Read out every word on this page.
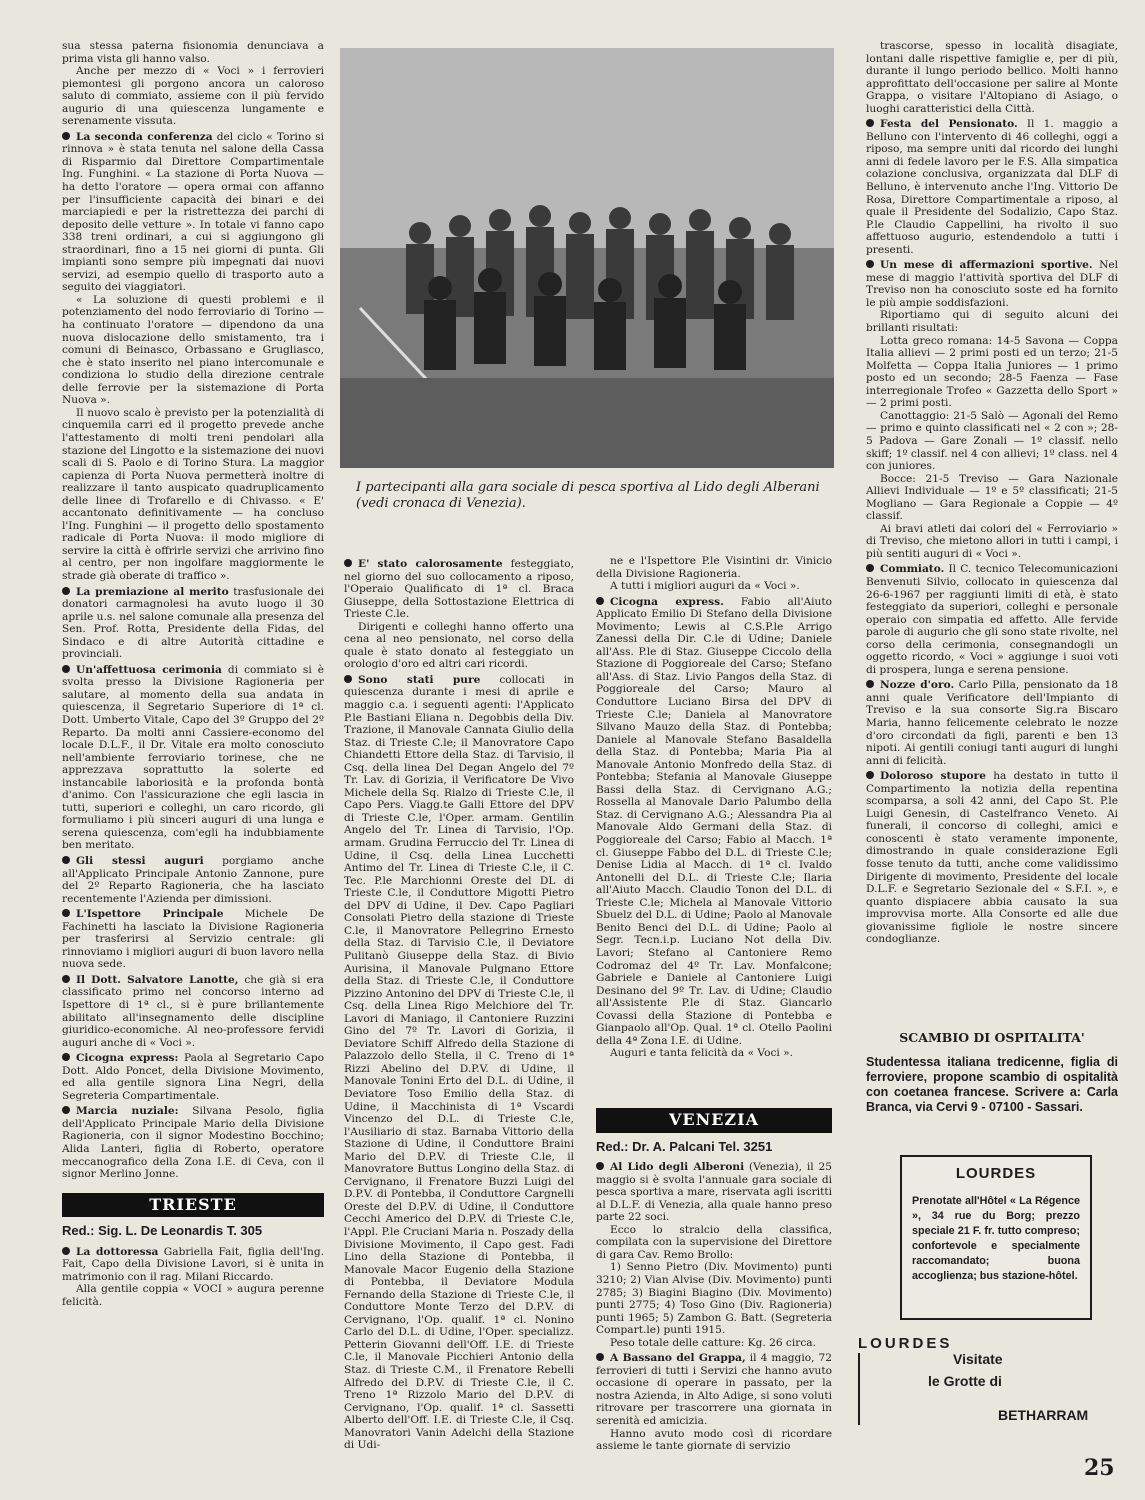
sua stessa paterna fisionomia denunciava a prima vista gli hanno valso.

Anche per mezzo di « Voci » i ferrovieri piemontesi gli porgono ancora un caloroso saluto di commiato, assieme con il più fervido augurio di una quiescenza lungamente e serenamente vissuta.

La seconda conferenza del ciclo « Torino si rinnova » è stata tenuta nel salone della Cassa di Risparmio dal Direttore Compartimentale Ing. Funghini. « La stazione di Porta Nuova — ha detto l'oratore — opera ormai con affanno per l'insufficiente capacità dei binari e dei marciapiedi e per la ristrettezza dei parchi di deposito delle vetture ». In totale vi fanno capo 338 treni ordinari, a cui si aggiungono gli straordinari, fino a 15 nei giorni di punta. Gli impianti sono sempre più impegnati dai nuovi servizi, ad esempio quello di trasporto auto a seguito dei viaggiatori.

« La soluzione di questi problemi e il potenziamento del nodo ferroviario di Torino — ha continuato l'oratore — dipendono da una nuova dislocazione dello smistamento, tra i comuni di Beinasco, Orbassano e Grugliasco, che è stato inserito nel piano intercomunale e condiziona lo studio della direzione centrale delle ferrovie per la sistemazione di Porta Nuova ».

Il nuovo scalo è previsto per la potenzialità di cinquemila carri ed il progetto prevede anche l'attestamento di molti treni pendolari alla stazione del Lingotto e la sistemazione dei nuovi scali di S. Paolo e di Torino Stura. La maggior capienza di Porta Nuova permetterà inoltre di realizzare il tanto auspicato quadruplicamento delle linee di Trofarello e di Chivasso. « E' accantonato definitivamente — ha concluso l'Ing. Funghini — il progetto dello spostamento radicale di Porta Nuova: il modo migliore di servire la città è offrirle servizi che arrivino fino al centro, per non ingolfare maggiormente le strade già oberate di traffico ».

La premiazione al merito trasfusionale dei donatori carmagnolesi ha avuto luogo il 30 aprile u.s. nel salone comunale alla presenza del Sen. Prof. Rotta, Presidente della Fidas, del Sindaco e di altre Autorità cittadine e provinciali.

Un'affettuosa cerimonia di commiato si è svolta presso la Divisione Ragioneria per salutare, al momento della sua andata in quiescenza, il Segretario Superiore di 1ª cl. Dott. Umberto Vitale, Capo del 3º Gruppo del 2º Reparto. Da molti anni Cassiere-economo del locale D.L.F., il Dr. Vitale era molto conosciuto nell'ambiente ferroviario torinese, che ne apprezzava soprattutto la solerte ed instancabile laboriosità e la profonda bontà d'animo. Con l'assicurazione che egli lascia in tutti, superiori e colleghi, un caro ricordo, gli formuliamo i più sinceri auguri di una lunga e serena quiescenza, com'egli ha indubbiamente ben meritato.

Gli stessi auguri porgiamo anche all'Applicato Principale Antonio Zannone, pure del 2º Reparto Ragioneria, che ha lasciato recentemente l'Azienda per dimissioni.

L'Ispettore Principale Michele De Fachinetti ha lasciato la Divisione Ragioneria per trasferirsi al Servizio centrale: gli rinnoviamo i migliori auguri di buon lavoro nella nuova sede.

Il Dott. Salvatore Lanotte, che già si era classificato primo nel concorso interno ad Ispettore di 1ª cl., si è pure brillantemente abilitato all'insegnamento delle discipline giuridico-economiche. Al neo-professore fervidi auguri anche di « Voci ».

Cicogna express: Paola al Segretario Capo Dott. Aldo Poncet, della Divisione Movimento, ed alla gentile signora Lina Negri, della Segreteria Compartimentale.

Marcia nuziale: Silvana Pesolo, figlia dell'Applicato Principale Mario della Divisione Ragioneria, con il signor Modestino Bocchino; Alida Lanteri, figlia di Roberto, operatore meccanografico della Zona I.E. di Ceva, con il signor Merlino Jonne.

TRIESTE

Red.: Sig. L. De Leonardis T. 305

La dottoressa Gabriella Fait, figlia dell'Ing. Fait, Capo della Divisione Lavori, si è unita in matrimonio con il rag. Milani Riccardo.

Alla gentile coppia « VOCI » augura perenne felicità.

I partecipanti alla gara sociale di pesca sportiva al Lido degli Alberani (vedi cronaca di Venezia).

E' stato calorosamente festeggiato, nel giorno del suo collocamento a riposo, l'Operaio Qualificato di 1ª cl. Braca Giuseppe, della Sottostazione Elettrica di Trieste C.le.

Dirigenti e colleghi hanno offerto una cena al neo pensionato, nel corso della quale è stato donato al festeggiato un orologio d'oro ed altri cari ricordi.

Sono stati pure collocati in quiescenza durante i mesi di aprile e maggio c.a. i seguenti agenti: l'Applicato P.le Bastiani Eliana n. Degobbis della Div. Trazione, il Manovale Cannata Giulio della Staz. di Trieste C.le; il Manovratore Capo Chiandetti Ettore della Staz. di Tarvisio, il Csq. della linea Del Degan Angelo del 7º Tr. Lav. di Gorizia, il Verificatore De Vivo Michele della Sq. Rialzo di Trieste C.le, il Capo Pers. Viagg.te Galli Ettore del DPV di Trieste C.le, l'Oper. armam. Gentilin Angelo del Tr. Linea di Tarvisio, l'Op. armam. Grudina Ferruccio del Tr. Linea di Udine, il Csq. della Linea Lucchetti Antimo del Tr. Linea di Trieste C.le, il C. Tec. P.le Marchionni Oreste del DL di Trieste C.le, il Conduttore Migotti Pietro del DPV di Udine, il Dev. Capo Pagliari Consolati Pietro della stazione di Trieste C.le, il Manovratore Pellegrino Ernesto della Staz. di Tarvisio C.le, il Deviatore Pulitanò Giuseppe della Staz. di Bivio Aurisina, il Manovale Pulgnano Ettore della Staz. di Trieste C.le, il Conduttore Pizzino Antonino del DPV di Trieste C.le, il Csq. della Linea Rigo Melchiore del Tr. Lavori di Maniago, il Cantoniere Ruzzini Gino del 7º Tr. Lavori di Gorizia, il Deviatore Schiff Alfredo della Stazione di Palazzolo dello Stella, il C. Treno di 1ª Rizzi Abelino del D.P.V. di Udine, il Manovale Tonini Erto del D.L. di Udine, il Deviatore Toso Emilio della Staz. di Udine, il Macchinista di 1ª Vscardi Vincenzo del D.L. di Trieste C.le, l'Ausiliario di staz. Barnaba Vittorio della Stazione di Udine, il Conduttore Braini Mario del D.P.V. di Trieste C.le, il Manovratore Buttus Longino della Staz. di Cervignano, il Frenatore Buzzi Luigi del D.P.V. di Pontebba, il Conduttore Cargnelli Oreste del D.P.V. di Udine, il Conduttore Cecchi Americo del D.P.V. di Trieste C.le, l'Appl. P.le Cruciani Maria n. Poszady della Divisione Movimento, il Capo gest. Fadi Lino della Stazione di Pontebba, il Manovale Macor Eugenio della Stazione di Pontebba, il Deviatore Modula Fernando della Stazione di Trieste C.le, il Conduttore Monte Terzo del D.P.V. di Cervignano, l'Op. qualif. 1ª cl. Nonino Carlo del D.L. di Udine, l'Oper. specializz. Petterin Giovanni dell'Off. I.E. di Trieste C.le, il Manovale Picchieri Antonio della Staz. di Trieste C.M., il Frenatore Rebelli Alfredo del D.P.V. di Trieste C.le, il C. Treno 1ª Rizzolo Mario del D.P.V. di Cervignano, l'Op. qualif. 1ª cl. Sassetti Alberto dell'Off. I.E. di Trieste C.le, il Csq. Manovratori Vanin Adelchi della Stazione di Udi-

ne e l'Ispettore P.le Visintini dr. Vinicio della Divisione Ragioneria.

A tutti i migliori auguri da « Voci ».

Cicogna express. Fabio all'Aiuto Applicato Emilio Di Stefano della Divisione Movimento; Lewis al C.S.P.le Arrigo Zanessi della Dir. C.le di Udine; Daniele all'Ass. P.le di Staz. Giuseppe Ciccolo della Stazione di Poggioreale del Carso; Stefano all'Ass. di Staz. Livio Pangos della Staz. di Poggioreale del Carso; Mauro al Conduttore Luciano Birsa del DPV di Trieste C.le; Daniela al Manovratore Silvano Mauzo della Staz. di Pontebba; Daniele al Manovale Stefano Basaldella della Staz. di Pontebba; Maria Pia al Manovale Antonio Monfredo della Staz. di Pontebba; Stefania al Manovale Giuseppe Bassi della Staz. di Cervignano A.G.; Rossella al Manovale Dario Palumbo della Staz. di Cervignano A.G.; Alessandra Pia al Manovale Aldo Germani della Staz. di Poggioreale del Carso; Fabio al Macch. 1ª cl. Giuseppe Fabbo del D.L. di Trieste C.le; Denise Lidia al Macch. di 1ª cl. Ivaldo Antonelli del D.L. di Trieste C.le; Ilaria all'Aiuto Macch. Claudio Tonon del D.L. di Trieste C.le; Michela al Manovale Vittorio Sbuelz del D.L. di Udine; Paolo al Manovale Benito Benci del D.L. di Udine; Paolo al Segr. Tecn.i.p. Luciano Not della Div. Lavori; Stefano al Cantoniere Remo Codromaz del 4º Tr. Lav. Monfalcone; Gabriele e Daniele al Cantoniere Luigi Desinano del 9º Tr. Lav. di Udine; Claudio all'Assistente P.le di Staz. Giancarlo Covassi della Stazione di Pontebba e Gianpaolo all'Op. Qual. 1ª cl. Otello Paolini della 4ª Zona I.E. di Udine.

Auguri e tanta felicità da « Voci ».

VENEZIA

Red.: Dr. A. Palcani Tel. 3251

Al Lido degli Alberoni (Venezia), il 25 maggio si è svolta l'annuale gara sociale di pesca sportiva a mare, riservata agli iscritti al D.L.F. di Venezia, alla quale hanno preso parte 22 soci.

Ecco lo stralcio della classifica, compilata con la supervisione del Direttore di gara Cav. Remo Brollo:

1) Senno Pietro (Div. Movimento) punti 3210; 2) Vian Alvise (Div. Movimento) punti 2785; 3) Biagini Biagino (Div. Movimento) punti 2775; 4) Toso Gino (Div. Ragioneria) punti 1965; 5) Zambon G. Batt. (Segreteria Compart.le) punti 1915.

Peso totale delle catture: Kg. 26 circa.

A Bassano del Grappa, il 4 maggio, 72 ferrovieri di tutti i Servizi che hanno avuto occasione di operare in passato, per la nostra Azienda, in Alto Adige, si sono voluti ritrovare per trascorrere una giornata in serenità ed amicizia.

Hanno avuto modo così di ricordare assieme le tante giornate di servizio

trascorse, spesso in località disagiate, lontani dalle rispettive famiglie e, per di più, durante il lungo periodo bellico. Molti hanno approfittato dell'occasione per salire al Monte Grappa, o visitare l'Altopiano di Asiago, o luoghi caratteristici della Città.

Festa del Pensionato. Il 1. maggio a Belluno con l'intervento di 46 colleghi, oggi a riposo, ma sempre uniti dal ricordo dei lunghi anni di fedele lavoro per le F.S. Alla simpatica colazione conclusiva, organizzata dal DLF di Belluno, è intervenuto anche l'Ing. Vittorio De Rosa, Direttore Compartimentale a riposo, al quale il Presidente del Sodalizio, Capo Staz. P.le Claudio Cappellini, ha rivolto il suo affettuoso augurio, estendendolo a tutti i presenti.

Un mese di affermazioni sportive. Nel mese di maggio l'attività sportiva del DLF di Treviso non ha conosciuto soste ed ha fornito le più ampie soddisfazioni.

Riportiamo qui di seguito alcuni dei brillanti risultati:

Lotta greco romana: 14-5 Savona — Coppa Italia allievi — 2 primi posti ed un terzo; 21-5 Molfetta — Coppa Italia Juniores — 1 primo posto ed un secondo; 28-5 Faenza — Fase interregionale Trofeo « Gazzetta dello Sport » — 2 primi posti.

Canottaggio: 21-5 Salò — Agonali del Remo — primo e quinto classificati nel « 2 con »; 28-5 Padova — Gare Zonali — 1º classif. nello skiff; 1º classif. nel 4 con allievi; 1º class. nel 4 con juniores.

Bocce: 21-5 Treviso — Gara Nazionale Allievi Individuale — 1º e 5º classificati; 21-5 Mogliano — Gara Regionale a Coppie — 4º classif.

Ai bravi atleti dai colori del « Ferroviario » di Treviso, che mietono allori in tutti i campi, i più sentiti auguri di « Voci ».

Commiato. Il C. tecnico Telecomunicazioni Benvenuti Silvio, collocato in quiescenza dal 26-6-1967 per raggiunti limiti di età, è stato festeggiato da superiori, colleghi e personale operaio con simpatia ed affetto. Alle fervide parole di augurio che gli sono state rivolte, nel corso della cerimonia, consegnandogli un oggetto ricordo, « Voci » aggiunge i suoi voti di prospera, lunga e serena pensione.

Nozze d'oro. Carlo Pilla, pensionato da 18 anni quale Verificatore dell'Impianto di Treviso e la sua consorte Sig.ra Biscaro Maria, hanno felicemente celebrato le nozze d'oro circondati da figli, parenti e ben 13 nipoti. Ai gentili coniugi tanti auguri di lunghi anni di felicità.

Doloroso stupore ha destato in tutto il Compartimento la notizia della repentina scomparsa, a soli 42 anni, del Capo St. P.le Luigi Genesin, di Castelfranco Veneto. Ai funerali, il concorso di colleghi, amici e conoscenti è stato veramente imponente, dimostrando in quale considerazione Egli fosse tenuto da tutti, anche come validissimo Dirigente di movimento, Presidente del locale D.L.F. e Segretario Sezionale del « S.F.I. », e quanto dispiacere abbia causato la sua improvvisa morte. Alla Consorte ed alle due giovanissime figliole le nostre sincere condoglianze.

SCAMBIO DI OSPITALITA'
Studentessa italiana tredicenne, figlia di ferroviere, propone scambio di ospitalità con coetanea francese. Scrivere a: Carla Branca, via Cervi 9 - 07100 - Sassari.
LOURDES
Prenotate all'Hôtel « La Régence », 34 rue du Borg; prezzo speciale 21 F. fr. tutto compreso; confortevole e specialmente raccomandato; buona accoglienza; bus stazione-hôtel.
LOURDES
Visitate
le Grotte di
BETHARRAM
25
